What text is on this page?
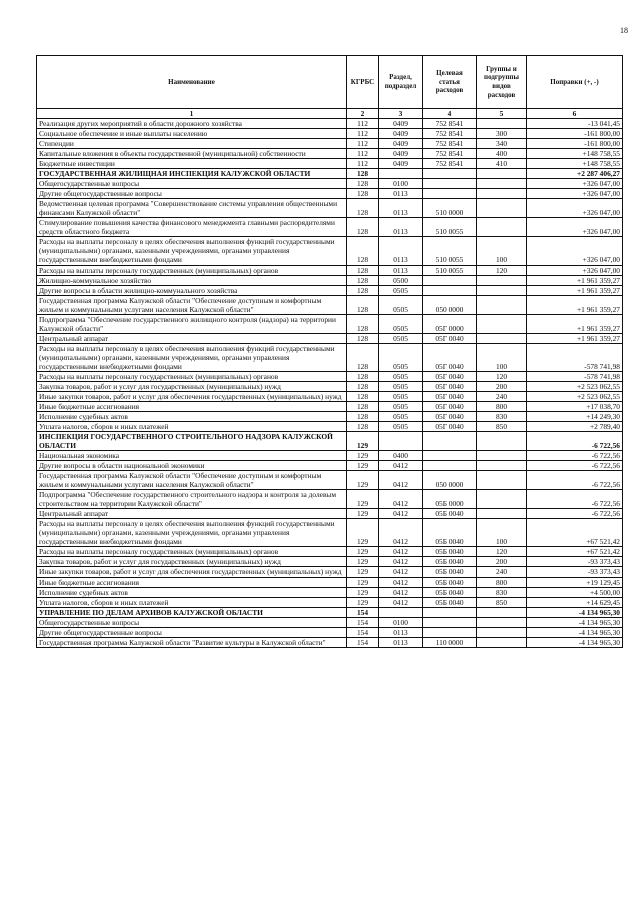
18
Наименование	КГРБС	Раздел, подраздел	Целевая статья расходов	Группы и подгруппы видов расходов	Поправки (+, -)
1	2	3	4	5	6
Реализация других мероприятий в области дорожного хозяйства	112	0409	752 8541		-13 041,45
Социальное обеспечение и иные выплаты населению	112	0409	752 8541	300	-161 800,00
Стипендии	112	0409	752 8541	340	-161 800,00
Капитальные вложения в объекты государственной (муниципальной) собственности	112	0409	752 8541	400	+148 758,55
Бюджетные инвестиции	112	0409	752 8541	410	+148 758,55
ГОСУДАРСТВЕННАЯ ЖИЛИЩНАЯ ИНСПЕКЦИЯ КАЛУЖСКОЙ ОБЛАСТИ	128				+2 287 406,27
Общегосударственные вопросы	128	0100			+326 047,00
Другие общегосударственные вопросы	128	0113			+326 047,00
Ведомственная целевая программа "Совершенствование системы управления общественными финансами Калужской области"	128	0113	510 0000		+326 047,00
Стимулирование повышения качества финансового менеджмента главными распорядителями средств областного бюджета	128	0113	510 0055		+326 047,00
Расходы на выплаты персоналу в целях обеспечения выполнения функций государственными (муниципальными) органами, казенными учреждениями, органами управления государственными внебюджетными фондами	128	0113	510 0055	100	+326 047,00
Расходы на выплаты персоналу государственных (муниципальных) органов	128	0113	510 0055	120	+326 047,00
Жилищно-коммунальное хозяйство	128	0500			+1 961 359,27
Другие вопросы в области жилищно-коммунального хозяйства	128	0505			+1 961 359,27
Государственная программа Калужской области "Обеспечение доступным и комфортным жильем и коммунальными услугами населения Калужской области"	128	0505	050 0000		+1 961 359,27
Подпрограмма "Обеспечение государственного жилищного контроля (надзора) на территории Калужской области"	128	0505	05Г 0000		+1 961 359,27
Центральный аппарат	128	0505	05Г 0040		+1 961 359,27
Расходы на выплаты персоналу в целях обеспечения выполнения функций государственными (муниципальными) органами, казенными учреждениями, органами управления государственными внебюджетными фондами	128	0505	05Г 0040	100	-578 741,98
Расходы на выплаты персоналу государственных (муниципальных) органов	128	0505	05Г 0040	120	-578 741,98
Закупка товаров, работ и услуг для государственных (муниципальных) нужд	128	0505	05Г 0040	200	+2 523 062,55
Иные закупки товаров, работ и услуг для обеспечения государственных (муниципальных) нужд	128	0505	05Г 0040	240	+2 523 062,55
Иные бюджетные ассигнования	128	0505	05Г 0040	800	+17 038,70
Исполнение судебных актов	128	0505	05Г 0040	830	+14 249,30
Уплата налогов, сборов и иных платежей	128	0505	05Г 0040	850	+2 789,40
ИНСПЕКЦИЯ ГОСУДАРСТВЕННОГО СТРОИТЕЛЬНОГО НАДЗОРА КАЛУЖСКОЙ ОБЛАСТИ	129				-6 722,56
Национальная экономика	129	0400			-6 722,56
Другие вопросы в области национальной экономики	129	0412			-6 722,56
Государственная программа Калужской области "Обеспечение доступным и комфортным жильем и коммунальными услугами населения Калужской области"	129	0412	050 0000		-6 722,56
Подпрограмма "Обеспечение государственного строительного надзора и контроля за долевым строительством на территории Калужской области"	129	0412	05Б 0000		-6 722,56
Центральный аппарат	129	0412	05Б 0040		-6 722,56
Расходы на выплаты персоналу в целях обеспечения выполнения функций государственными (муниципальными) органами, казенными учреждениями, органами управления государственными внебюджетными фондами	129	0412	05Б 0040	100	+67 521,42
Расходы на выплаты персоналу государственных (муниципальных) органов	129	0412	05Б 0040	120	+67 521,42
Закупка товаров, работ и услуг для государственных (муниципальных) нужд	129	0412	05Б 0040	200	-93 373,43
Иные закупки товаров, работ и услуг для обеспечения государственных (муниципальных) нужд	129	0412	05Б 0040	240	-93 373,43
Иные бюджетные ассигнования	129	0412	05Б 0040	800	+19 129,45
Исполнение судебных актов	129	0412	05Б 0040	830	+4 500,00
Уплата налогов, сборов и иных платежей	129	0412	05Б 0040	850	+14 629,45
УПРАВЛЕНИЕ ПО ДЕЛАМ АРХИВОВ КАЛУЖСКОЙ ОБЛАСТИ	154				-4 134 965,30
Общегосударственные вопросы	154	0100			-4 134 965,30
Другие общегосударственные вопросы	154	0113			-4 134 965,30
Государственная программа Калужской области "Развитие культуры в Калужской области"	154	0113	110 0000		-4 134 965,30
